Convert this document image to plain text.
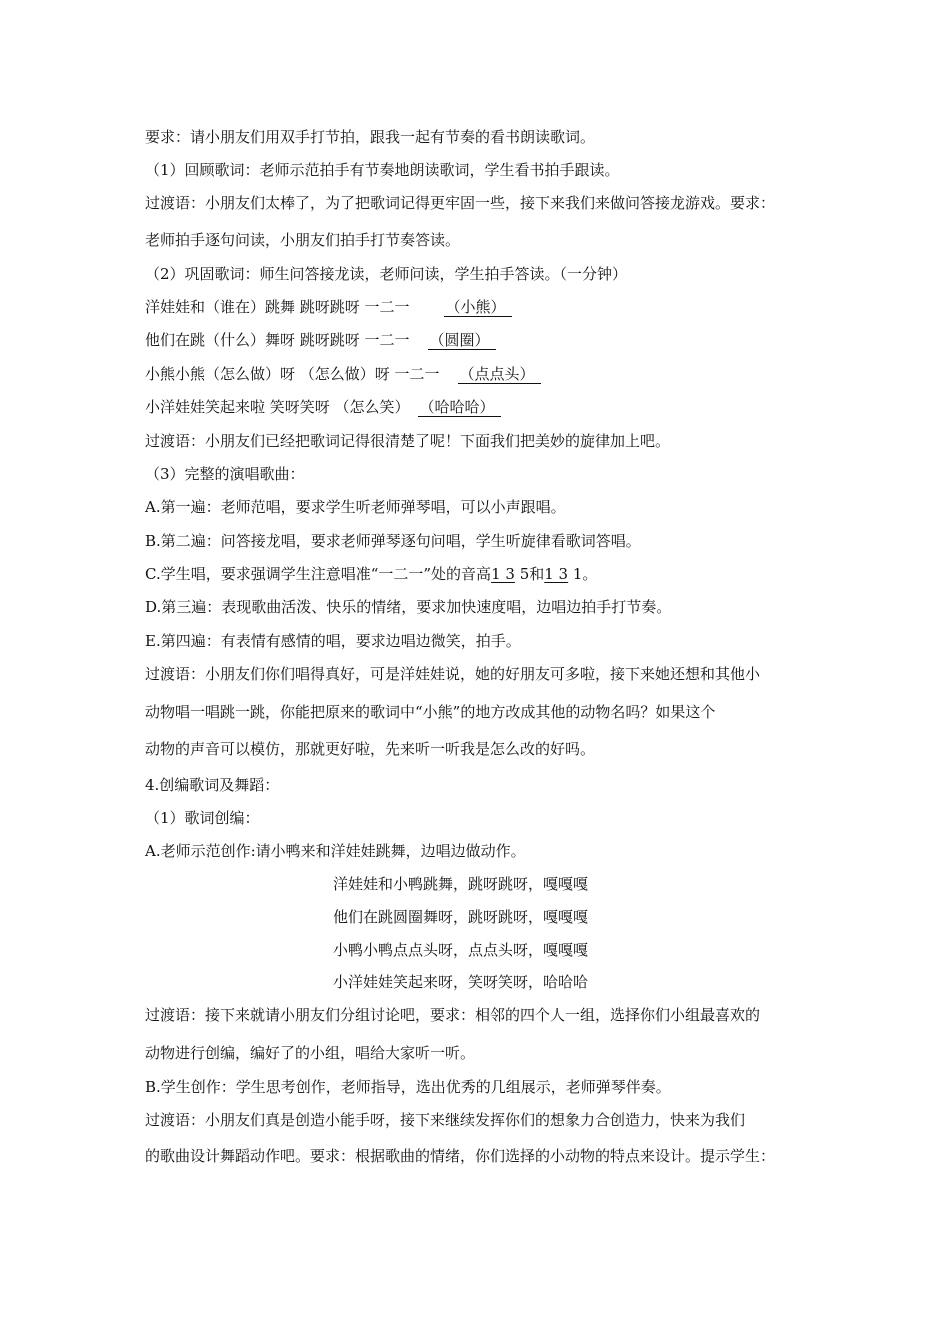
要求：请小朋友们用双手打节拍，跟我一起有节奏的看书朗读歌词。
（1）回顾歌词：老师示范拍手有节奏地朗读歌词，学生看书拍手跟读。
过渡语：小朋友们太棒了，为了把歌词记得更牢固一些，接下来我们来做问答接龙游戏。要求：
老师拍手逐句问读，小朋友们拍手打节奏答读。
（2）巩固歌词：师生问答接龙读，老师问读，学生拍手答读。（一分钟）
洋娃娃和（谁在）跳舞 跳呀跳呀 一二一 （小熊）
他们在跳（什么）舞呀 跳呀跳呀 一二一 （圆圈）
小熊小熊（怎么做）呀 （怎么做）呀 一二一 （点点头）
小洋娃娃笑起来啦 笑呀笑呀 （怎么笑） （哈哈哈）
过渡语：小朋友们已经把歌词记得很清楚了呢！下面我们把美妙的旋律加上吧。
（3）完整的演唱歌曲：
A.第一遍：老师范唱，要求学生听老师弹琴唱，可以小声跟唱。
B.第二遍：问答接龙唱，要求老师弹琴逐句问唱，学生听旋律看歌词答唱。
C.学生唱，要求强调学生注意唱准“一二一”处的音高1 3 5和1 3 1。
D.第三遍：表现歌曲活泼、快乐的情绪，要求加快速度唱，边唱边拍手打节奏。
E.第四遍：有表情有感情的唱，要求边唱边微笑，拍手。
过渡语：小朋友们你们唱得真好，可是洋娃娃说，她的好朋友可多啦，接下来她还想和其他小
动物唱一唱跳一跳，你能把原来的歌词中“小熊”的地方改成其他的动物名吗？如果这个
动物的声音可以模仿，那就更好啦，先来听一听我是怎么改的好吗。
4.创编歌词及舞蹈：
（1）歌词创编：
A.老师示范创作:请小鸭来和洋娃娃跳舞，边唱边做动作。
洋娃娃和小鸭跳舞，跳呀跳呀，嘎嘎嘎
他们在跳圆圈舞呀，跳呀跳呀，嘎嘎嘎
小鸭小鸭点点头呀，点点头呀，嘎嘎嘎
小洋娃娃笑起来呀，笑呀笑呀，哈哈哈
过渡语：接下来就请小朋友们分组讨论吧，要求：相邻的四个人一组，选择你们小组最喜欢的
动物进行创编，编好了的小组，唱给大家听一听。
B.学生创作：学生思考创作，老师指导，选出优秀的几组展示，老师弹琴伴奏。
过渡语：小朋友们真是创造小能手呀，接下来继续发挥你们的想象力合创造力，快来为我们
的歌曲设计舞蹈动作吧。要求：根据歌曲的情绪，你们选择的小动物的特点来设计。提示学生：
